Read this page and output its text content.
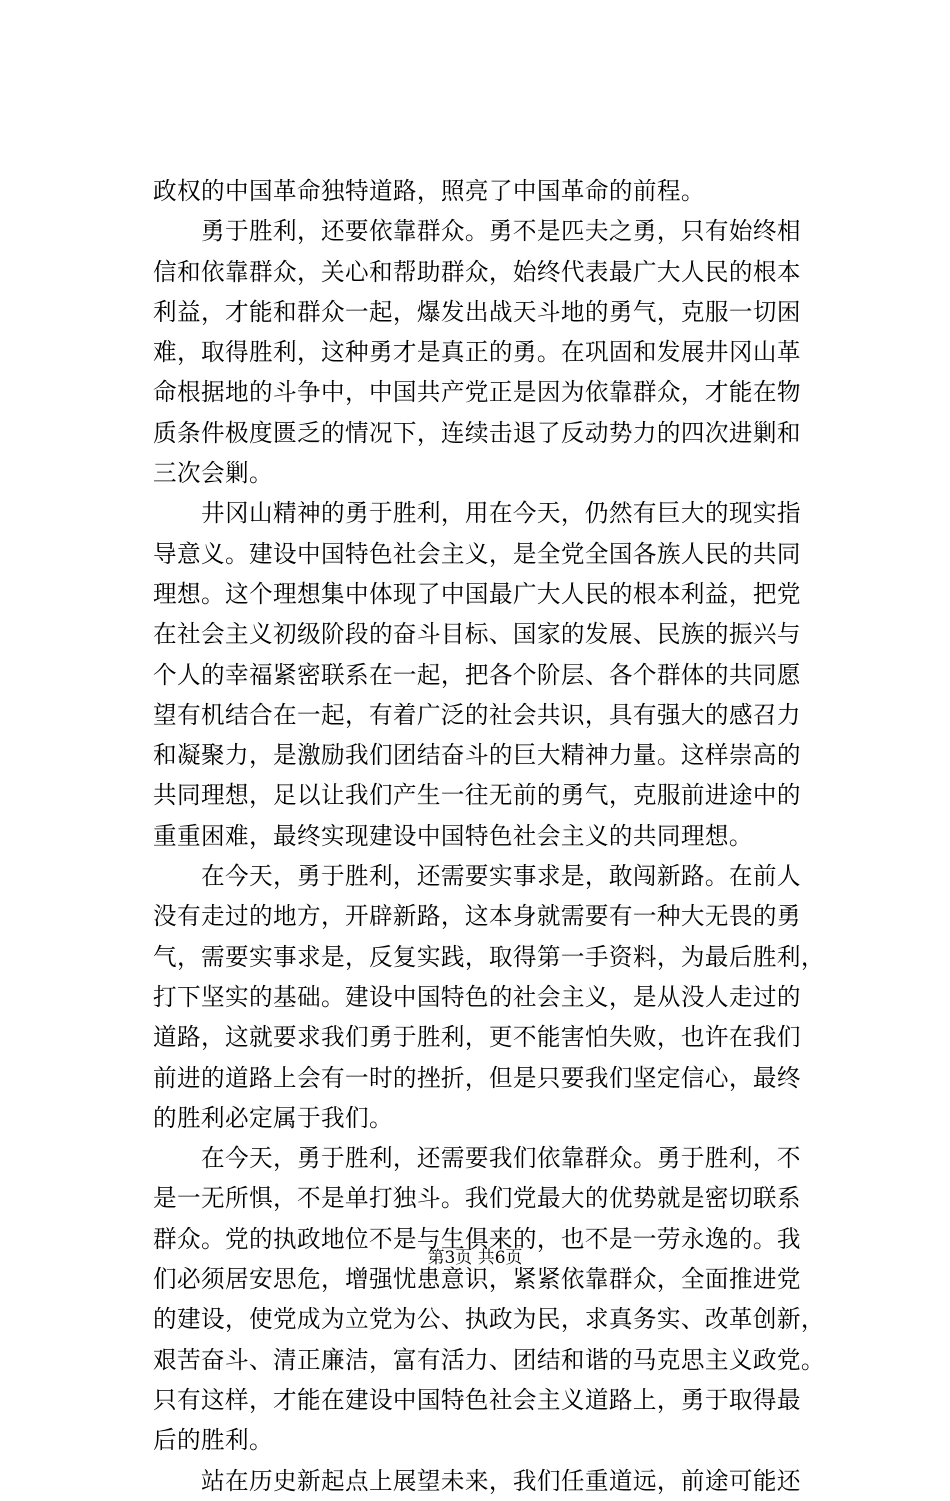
政权的中国革命独特道路，照亮了中国革命的前程。
　　勇于胜利，还要依靠群众。勇不是匹夫之勇，只有始终相
信和依靠群众，关心和帮助群众，始终代表最广大人民的根本
利益，才能和群众一起，爆发出战天斗地的勇气，克服一切困
难，取得胜利，这种勇才是真正的勇。在巩固和发展井冈山革
命根据地的斗争中，中国共产党正是因为依靠群众，才能在物
质条件极度匮乏的情况下，连续击退了反动势力的四次进剿和
三次会剿。
　　井冈山精神的勇于胜利，用在今天，仍然有巨大的现实指
导意义。建设中国特色社会主义，是全党全国各族人民的共同
理想。这个理想集中体现了中国最广大人民的根本利益，把党
在社会主义初级阶段的奋斗目标、国家的发展、民族的振兴与
个人的幸福紧密联系在一起，把各个阶层、各个群体的共同愿
望有机结合在一起，有着广泛的社会共识，具有强大的感召力
和凝聚力，是激励我们团结奋斗的巨大精神力量。这样崇高的
共同理想，足以让我们产生一往无前的勇气，克服前进途中的
重重困难，最终实现建设中国特色社会主义的共同理想。
　　在今天，勇于胜利，还需要实事求是，敢闯新路。在前人
没有走过的地方，开辟新路，这本身就需要有一种大无畏的勇
气，需要实事求是，反复实践，取得第一手资料，为最后胜利，
打下坚实的基础。建设中国特色的社会主义，是从没人走过的
道路，这就要求我们勇于胜利，更不能害怕失败，也许在我们
前进的道路上会有一时的挫折，但是只要我们坚定信心，最终
的胜利必定属于我们。
　　在今天，勇于胜利，还需要我们依靠群众。勇于胜利，不
是一无所惧，不是单打独斗。我们党最大的优势就是密切联系
群众。党的执政地位不是与生俱来的，也不是一劳永逸的。我
们必须居安思危，增强忧患意识，紧紧依靠群众，全面推进党
的建设，使党成为立党为公、执政为民，求真务实、改革创新，
艰苦奋斗、清正廉洁，富有活力、团结和谐的马克思主义政党。
只有这样，才能在建设中国特色社会主义道路上，勇于取得最
后的胜利。
　　站在历史新起点上展望未来，我们任重道远，前途可能还
第3页 共6页
